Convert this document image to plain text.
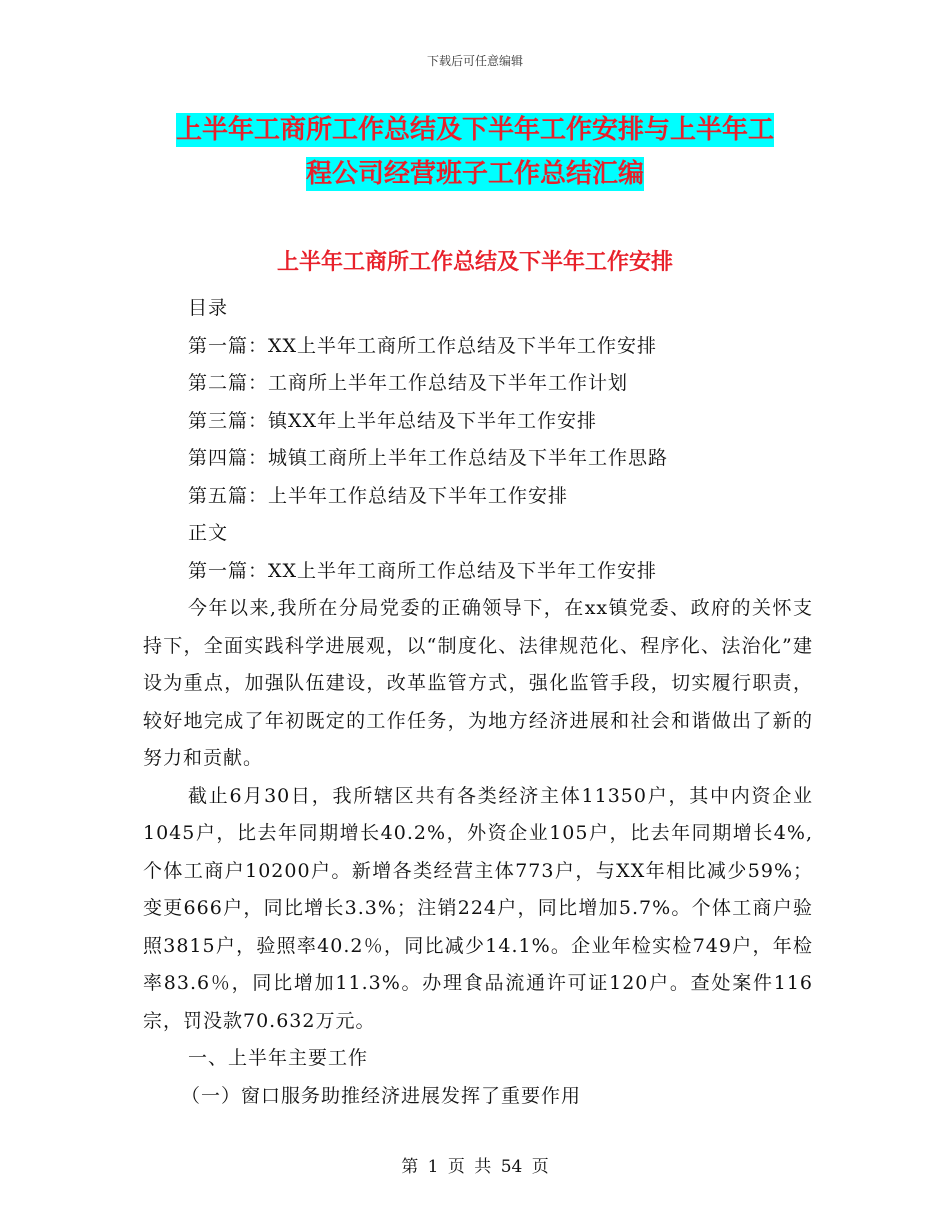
下载后可任意编辑
上半年工商所工作总结及下半年工作安排与上半年工
程公司经营班子工作总结汇编
上半年工商所工作总结及下半年工作安排

目录

第一篇：XX上半年工商所工作总结及下半年工作安排

第二篇：工商所上半年工作总结及下半年工作计划

第三篇：镇XX年上半年总结及下半年工作安排

第四篇：城镇工商所上半年工作总结及下半年工作思路

第五篇：上半年工作总结及下半年工作安排

正文

第一篇：XX上半年工商所工作总结及下半年工作安排

今年以来,我所在分局党委的正确领导下，在xx镇党委、政府的关怀支持下，全面实践科学进展观，以“制度化、法律规范化、程序化、法治化”建设为重点，加强队伍建设，改革监管方式，强化监管手段，切实履行职责，较好地完成了年初既定的工作任务，为地方经济进展和社会和谐做出了新的努力和贡献。

截止6月30日，我所辖区共有各类经济主体11350户，其中内资企业1045户，比去年同期增长40.2%，外资企业105户，比去年同期增长4%,个体工商户10200户。新增各类经营主体773户，与XX年相比减少59%；变更666户，同比增长3.3%；注销224户，同比增加5.7%。个体工商户验照3815户，验照率40.2％，同比减少14.1%。企业年检实检749户，年检率83.6％，同比增加11.3%。办理食品流通许可证120户。查处案件116宗，罚没款70.632万元。

一、上半年主要工作

（一）窗口服务助推经济进展发挥了重要作用

第 1 页 共 54 页
